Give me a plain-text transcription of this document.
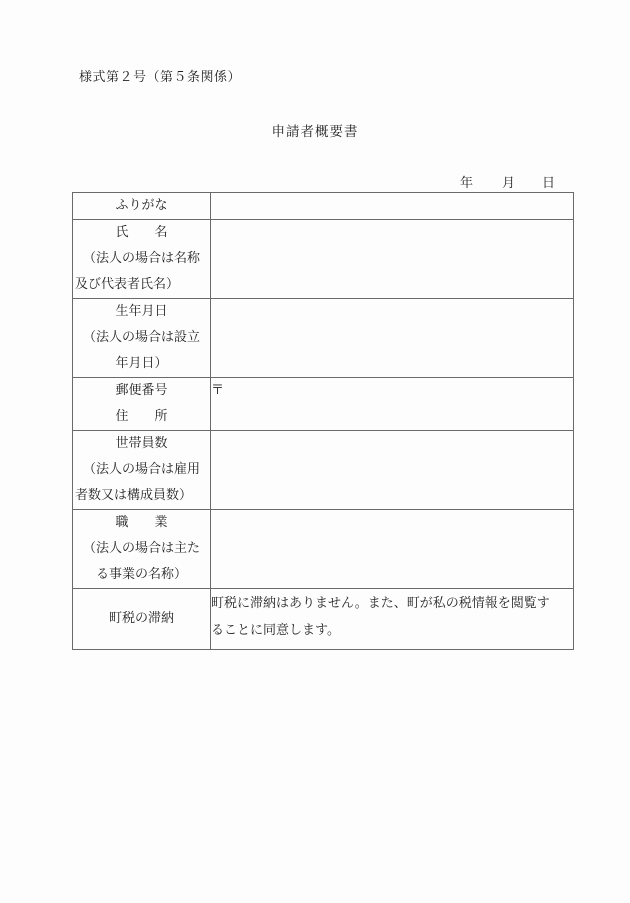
様式第２号（第５条関係）
申請者概要書
年 月 日
ふりがな	

氏　　名
（法人の場合は名称
及び代表者氏名）	

生年月日
（法人の場合は設立
年月日）	

郵便番号
住　　所	〒

世帯員数
（法人の場合は雇用
者数又は構成員数）	

職　　業
（法人の場合は主た
る事業の名称）	

町税の滞納	町税に滞納はありません。また、町が私の税情報を閲覧す
ることに同意します。
